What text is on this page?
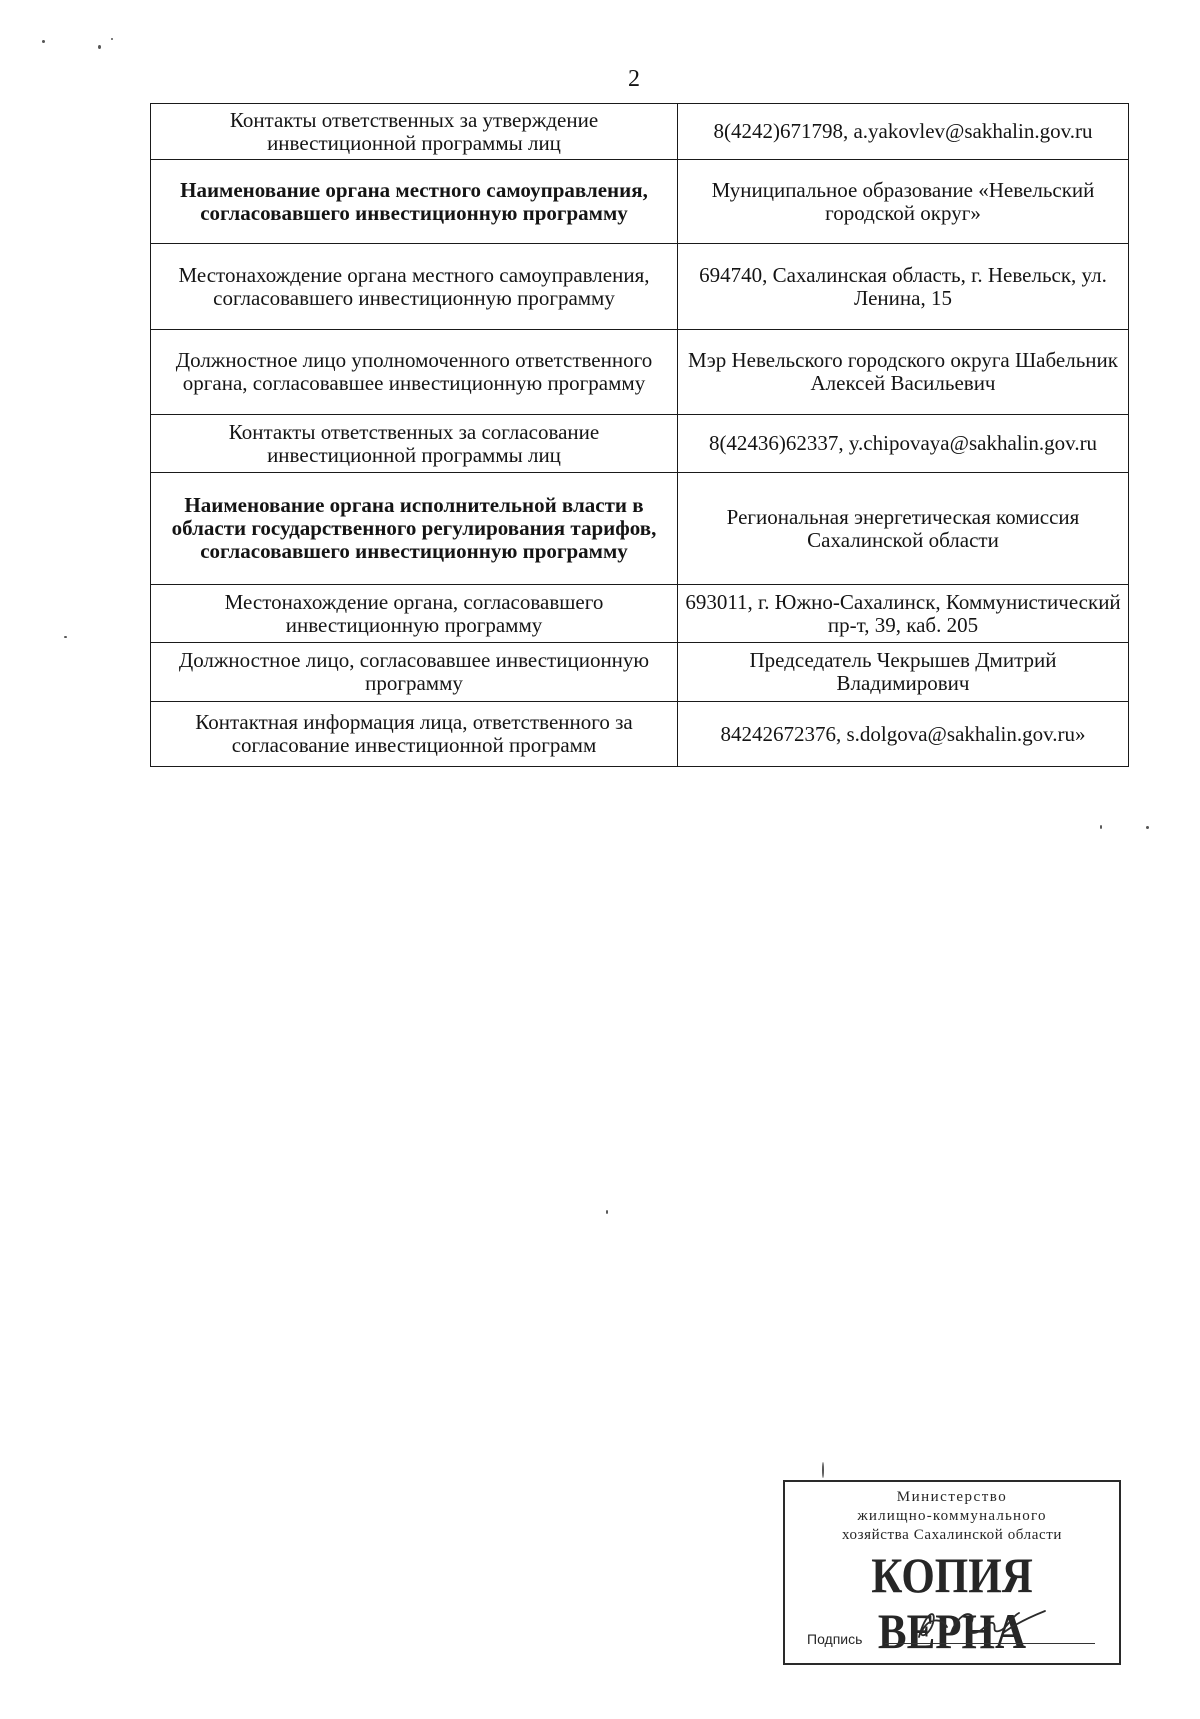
2
Контакты ответственных за утверждение инвестиционной программы лиц	8(4242)671798, a.yakovlev@sakhalin.gov.ru
Наименование органа местного самоуправления, согласовавшего инвестиционную программу	Муниципальное образование «Невельский городской округ»
Местонахождение органа местного самоуправления, согласовавшего инвестиционную программу	694740, Сахалинская область, г. Невельск, ул. Ленина, 15
Должностное лицо уполномоченного ответственного органа, согласовавшее инвестиционную программу	Мэр Невельского городского округа Шабельник Алексей Васильевич
Контакты ответственных за согласование инвестиционной программы лиц	8(42436)62337, y.chipovaya@sakhalin.gov.ru
Наименование органа исполнительной власти в области государственного регулирования тарифов, согласовавшего инвестиционную программу	Региональная энергетическая комиссия Сахалинской области
Местонахождение органа, согласовавшего инвестиционную программу	693011, г. Южно-Сахалинск, Коммунистический пр-т, 39, каб. 205
Должностное лицо, согласовавшее инвестиционную программу	Председатель Чекрышев Дмитрий Владимирович
Контактная информация лица, ответственного за согласование инвестиционной программ	84242672376, s.dolgova@sakhalin.gov.ru»
Министерство
жилищно-коммунального
хозяйства Сахалинской области
КОПИЯ ВЕРНА
Подпись
